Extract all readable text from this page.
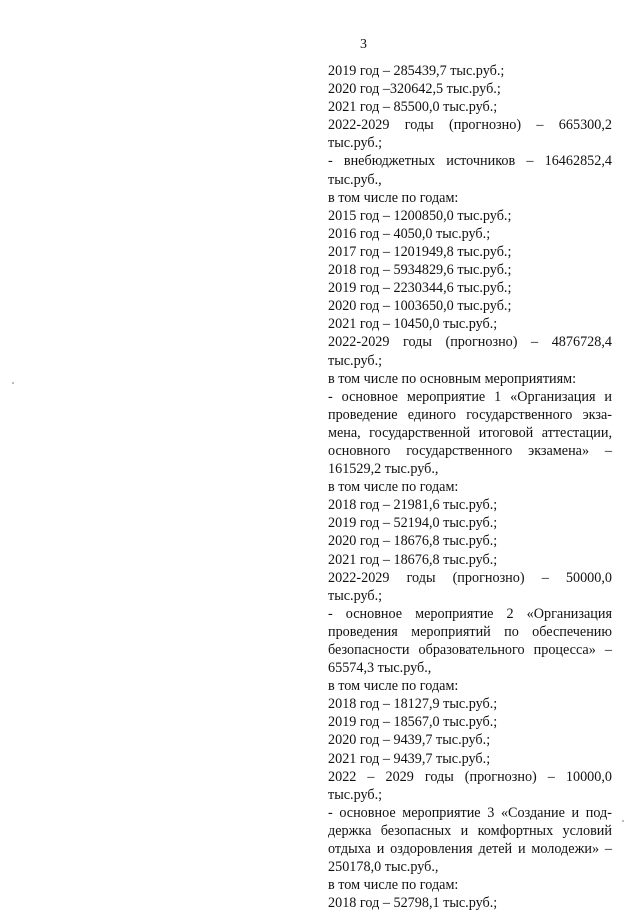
3
2019 год – 285439,7 тыс.руб.;
2020 год –320642,5 тыс.руб.;
2021 год – 85500,0 тыс.руб.;
2022-2029 годы (прогнозно) – 665300,2 тыс.руб.;
- внебюджетных источников – 16462852,4 тыс.руб.,
в том числе по годам:
2015 год – 1200850,0 тыс.руб.;
2016 год – 4050,0 тыс.руб.;
2017 год – 1201949,8 тыс.руб.;
2018 год – 5934829,6 тыс.руб.;
2019 год – 2230344,6 тыс.руб.;
2020 год – 1003650,0 тыс.руб.;
2021 год – 10450,0 тыс.руб.;
2022-2029 годы (прогнозно) – 4876728,4 тыс.руб.;
в том числе по основным мероприятиям:
- основное мероприятие 1 «Организация и проведение единого государственного экза-мена, государственной итоговой аттестации, основного государственного экзамена» – 161529,2 тыс.руб.,
в том числе по годам:
2018 год – 21981,6 тыс.руб.;
2019 год – 52194,0 тыс.руб.;
2020 год – 18676,8 тыс.руб.;
2021 год – 18676,8 тыс.руб.;
2022-2029 годы (прогнозно) – 50000,0 тыс.руб.;
- основное мероприятие 2 «Организация проведения мероприятий по обеспечению безопасности образовательного процесса» – 65574,3 тыс.руб.,
в том числе по годам:
2018 год – 18127,9 тыс.руб.;
2019 год – 18567,0 тыс.руб.;
2020 год – 9439,7 тыс.руб.;
2021 год – 9439,7 тыс.руб.;
2022 – 2029 годы (прогнозно) – 10000,0 тыс.руб.;
- основное мероприятие 3 «Создание и под-держка безопасных и комфортных условий отдыха и оздоровления детей и молодежи» – 250178,0 тыс.руб.,
в том числе по годам:
2018 год – 52798,1 тыс.руб.;
